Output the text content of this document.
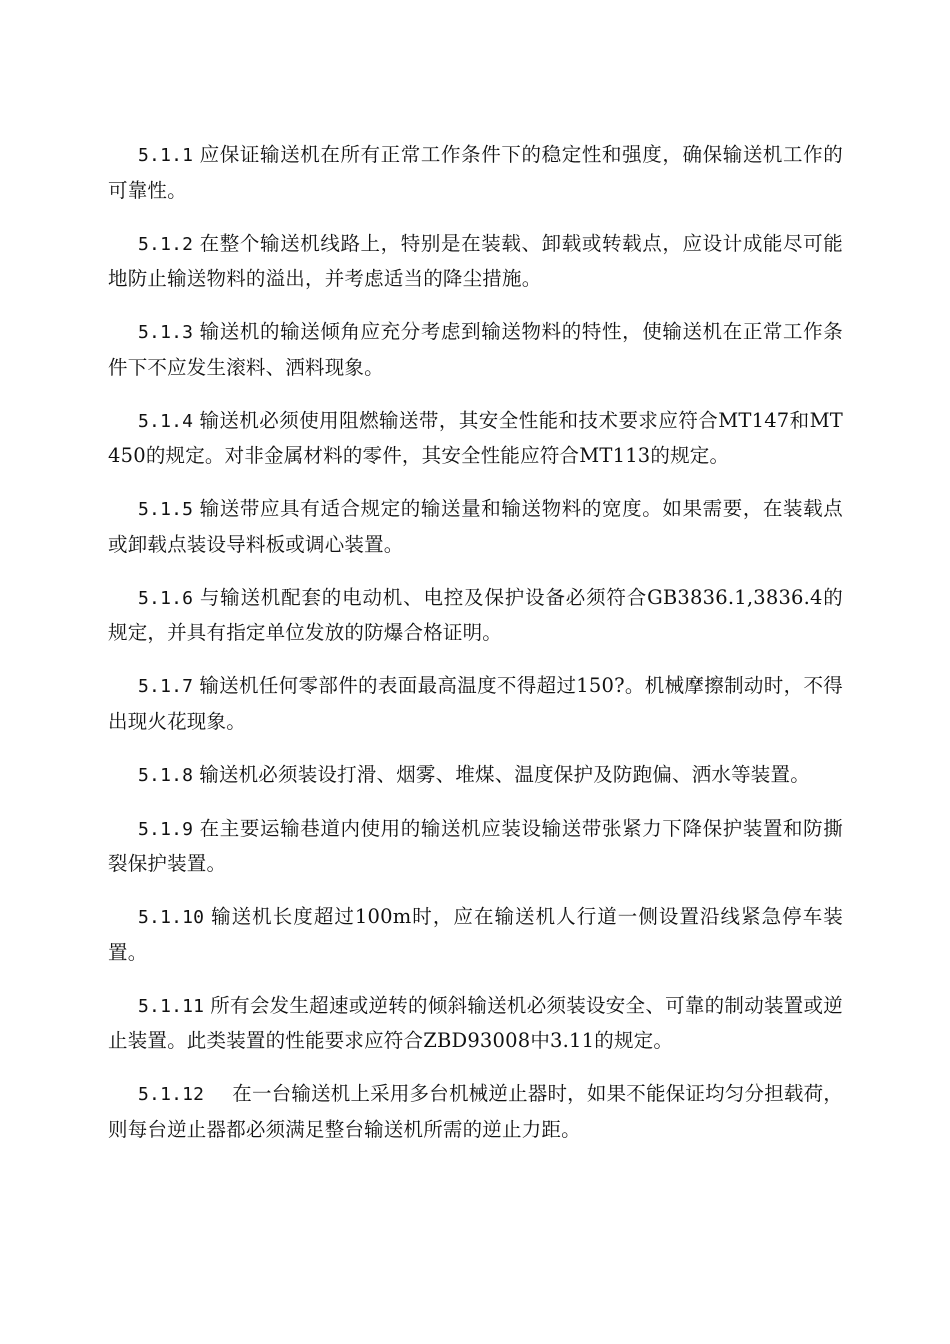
5.1.1 应保证输送机在所有正常工作条件下的稳定性和强度，确保输送机工作的可靠性。

5.1.2 在整个输送机线路上，特别是在装载、卸载或转载点，应设计成能尽可能地防止输送物料的溢出，并考虑适当的降尘措施。

5.1.3 输送机的输送倾角应充分考虑到输送物料的特性，使输送机在正常工作条件下不应发生滚料、洒料现象。

5.1.4 输送机必须使用阻燃输送带，其安全性能和技术要求应符合MT147和MT450的规定。对非金属材料的零件，其安全性能应符合MT113的规定。

5.1.5 输送带应具有适合规定的输送量和输送物料的宽度。如果需要，在装载点或卸载点装设导料板或调心装置。

5.1.6 与输送机配套的电动机、电控及保护设备必须符合GB3836.1,3836.4的规定，并具有指定单位发放的防爆合格证明。

5.1.7 输送机任何零部件的表面最高温度不得超过150?。机械摩擦制动时，不得出现火花现象。

5.1.8 输送机必须装设打滑、烟雾、堆煤、温度保护及防跑偏、洒水等装置。

5.1.9 在主要运输巷道内使用的输送机应装设输送带张紧力下降保护装置和防撕裂保护装置。

5.1.10 输送机长度超过100m时，应在输送机人行道一侧设置沿线紧急停车装置。

5.1.11 所有会发生超速或逆转的倾斜输送机必须装设安全、可靠的制动装置或逆止装置。此类装置的性能要求应符合ZBD93008中3.11的规定。

5.1.12 在一台输送机上采用多台机械逆止器时，如果不能保证均匀分担载荷，则每台逆止器都必须满足整台输送机所需的逆止力距。
